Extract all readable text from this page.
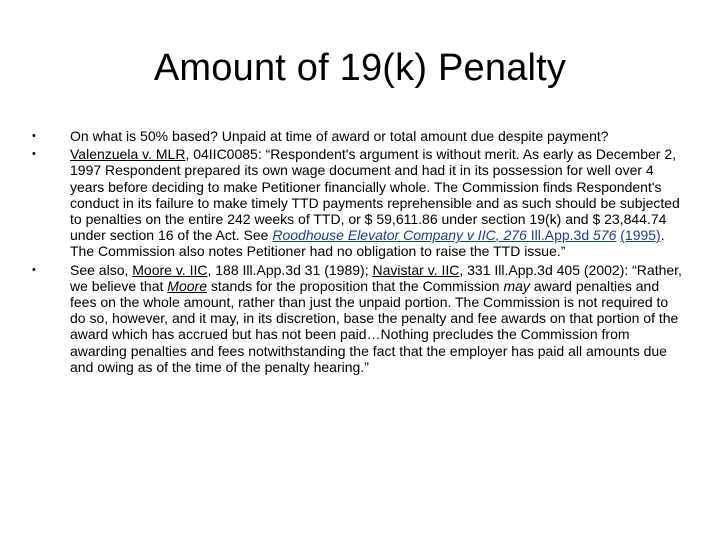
Amount of 19(k) Penalty
•	On what is 50% based? Unpaid at time of award or total amount due despite payment?
•	Valenzuela v. MLR, 04IIC0085: “Respondent's argument is without merit. As early as December 2, 1997 Respondent prepared its own wage document and had it in its possession for well over 4 years before deciding to make Petitioner financially whole. The Commission finds Respondent's conduct in its failure to make timely TTD payments reprehensible and as such should be subjected to penalties on the entire 242 weeks of TTD, or $ 59,611.86 under section 19(k) and $ 23,844.74 under section 16 of the Act. See Roodhouse Elevator Company v IIC, 276 Ill.App.3d 576 (1995). The Commission also notes Petitioner had no obligation to raise the TTD issue.”
•	See also, Moore v. IIC, 188 Ill.App.3d 31 (1989); Navistar v. IIC, 331 Ill.App.3d 405 (2002): “Rather, we believe that Moore stands for the proposition that the Commission may award penalties and fees on the whole amount, rather than just the unpaid portion. The Commission is not required to do so, however, and it may, in its discretion, base the penalty and fee awards on that portion of the award which has accrued but has not been paid…Nothing precludes the Commission from awarding penalties and fees notwithstanding the fact that the employer has paid all amounts due and owing as of the time of the penalty hearing.”
